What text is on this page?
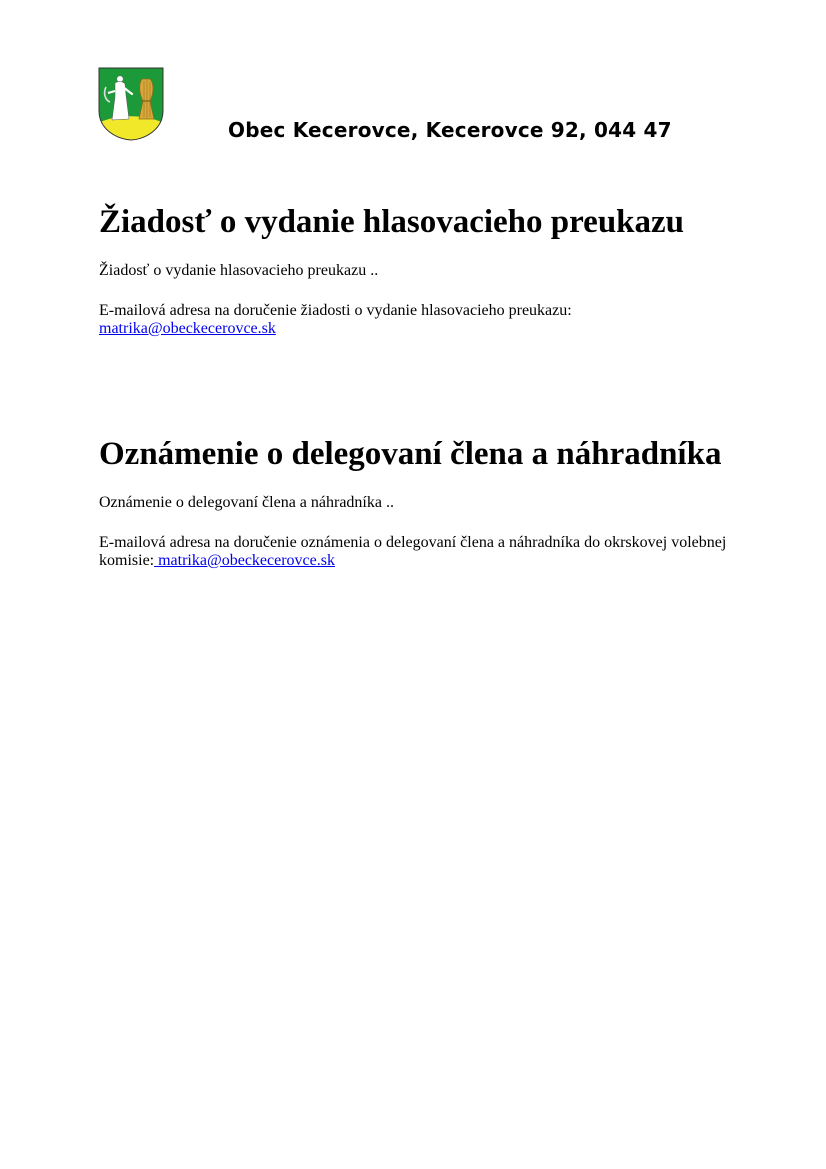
Obec Kecerovce, Kecerovce 92, 044 47
Žiadosť o vydanie hlasovacieho preukazu

Žiadosť o vydanie hlasovacieho preukazu ..

E-mailová adresa na doručenie žiadosti o vydanie hlasovacieho preukazu:
matrika@obeckecerovce.sk

Oznámenie o delegovaní člena a náhradníka

Oznámenie o delegovaní člena a náhradníka ..

E-mailová adresa na doručenie oznámenia o delegovaní člena a náhradníka do okrskovej volebnej komisie: matrika@obeckecerovce.sk
